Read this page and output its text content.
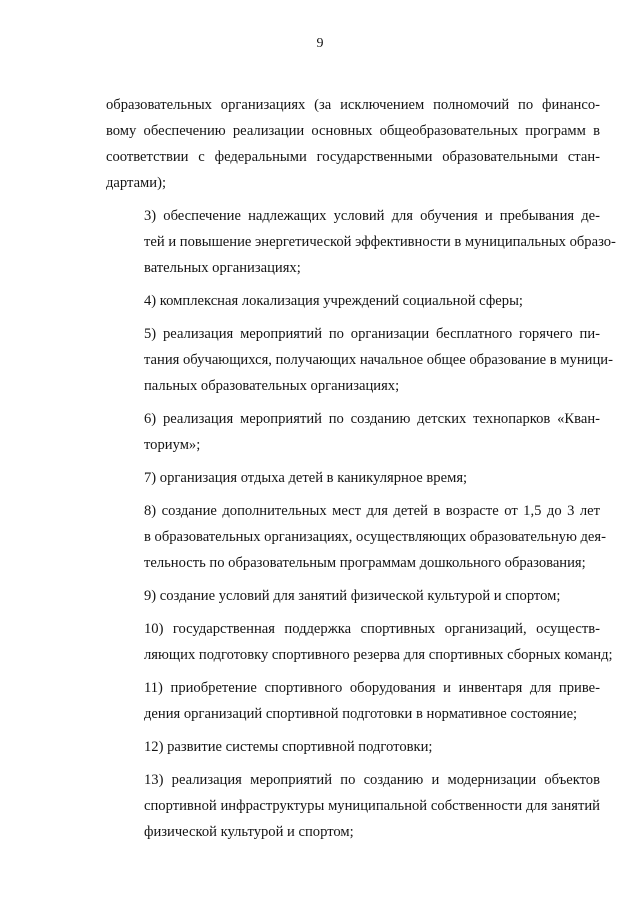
9

образовательных организациях (за исключением полномочий по финансо-
вому обеспечению реализации основных общеобразовательных программ в
соответствии с федеральными государственными образовательными стан-
дартами);

3) обеспечение надлежащих условий для обучения и пребывания де-
тей и повышение энергетической эффективности в муниципальных образо-
вательных организациях;

4) комплексная локализация учреждений социальной сферы;

5) реализация мероприятий по организации бесплатного горячего пи-
тания обучающихся, получающих начальное общее образование в муници-
пальных образовательных организациях;

6) реализация мероприятий по созданию детских технопарков «Кван-
ториум»;

7) организация отдыха детей в каникулярное время;

8) создание дополнительных мест для детей в возрасте от 1,5 до 3 лет
в образовательных организациях, осуществляющих образовательную дея-
тельность по образовательным программам дошкольного образования;

9) создание условий для занятий физической культурой и спортом;

10) государственная поддержка спортивных организаций, осуществ-
ляющих подготовку спортивного резерва для спортивных сборных команд;

11) приобретение спортивного оборудования и инвентаря для приве-
дения организаций спортивной подготовки в нормативное состояние;

12) развитие системы спортивной подготовки;

13) реализация мероприятий по созданию и модернизации объектов
спортивной инфраструктуры муниципальной собственности для занятий
физической культурой и спортом;
